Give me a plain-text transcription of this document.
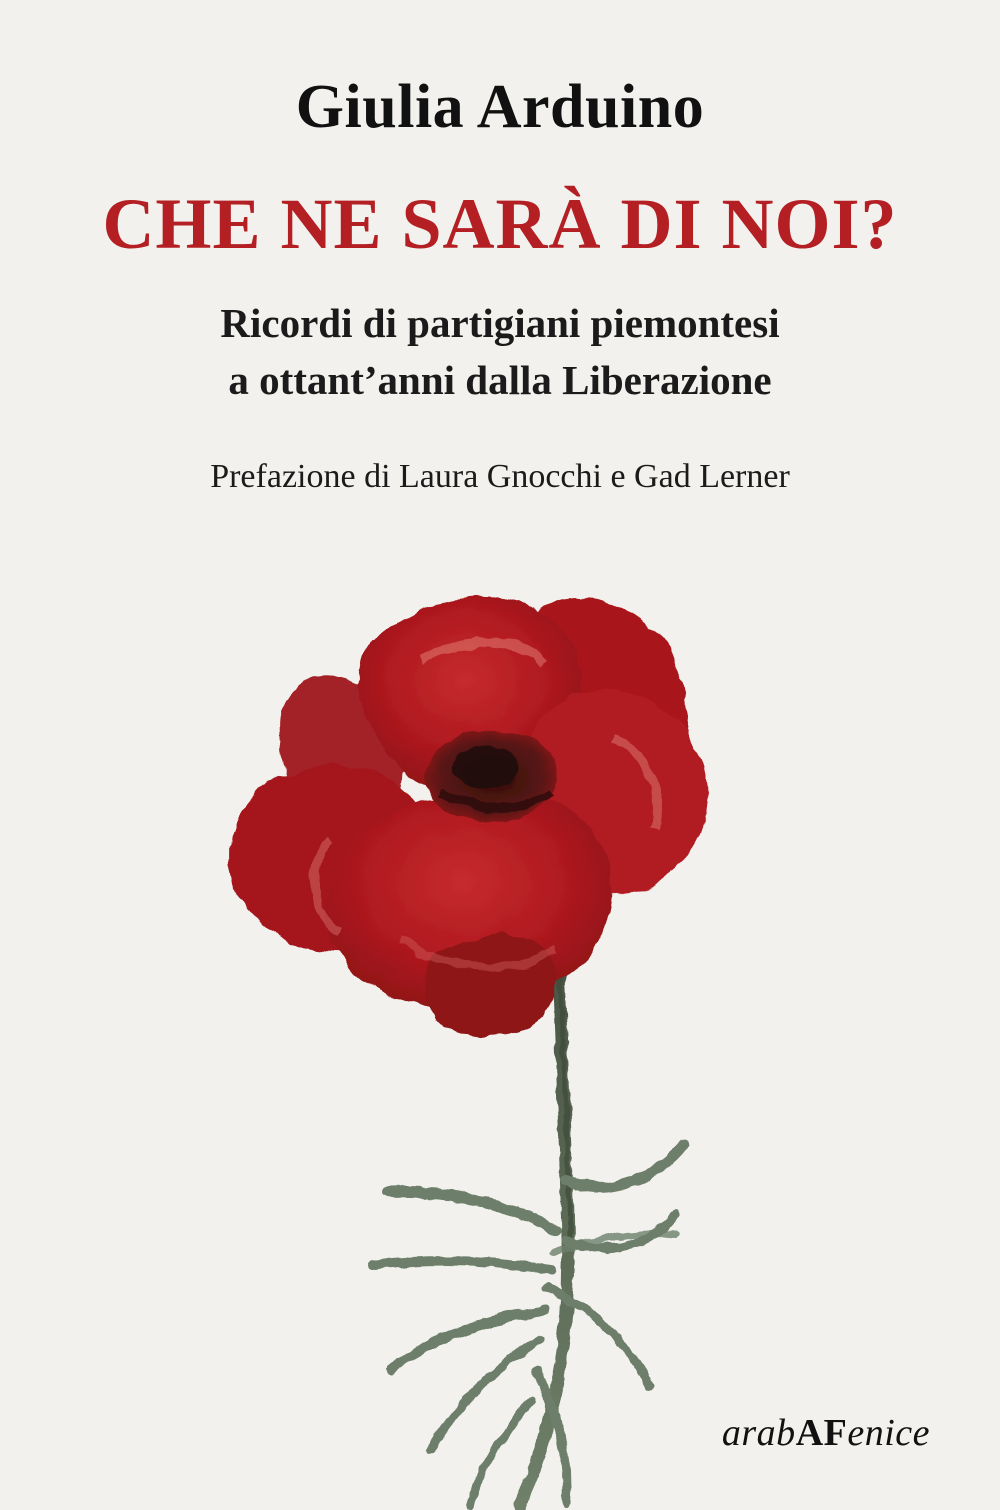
Giulia Arduino
CHE NE SARÀ DI NOI?
Ricordi di partigiani piemontesi
a ottant’anni dalla Liberazione
Prefazione di Laura Gnocchi e Gad Lerner
arabAFenice
